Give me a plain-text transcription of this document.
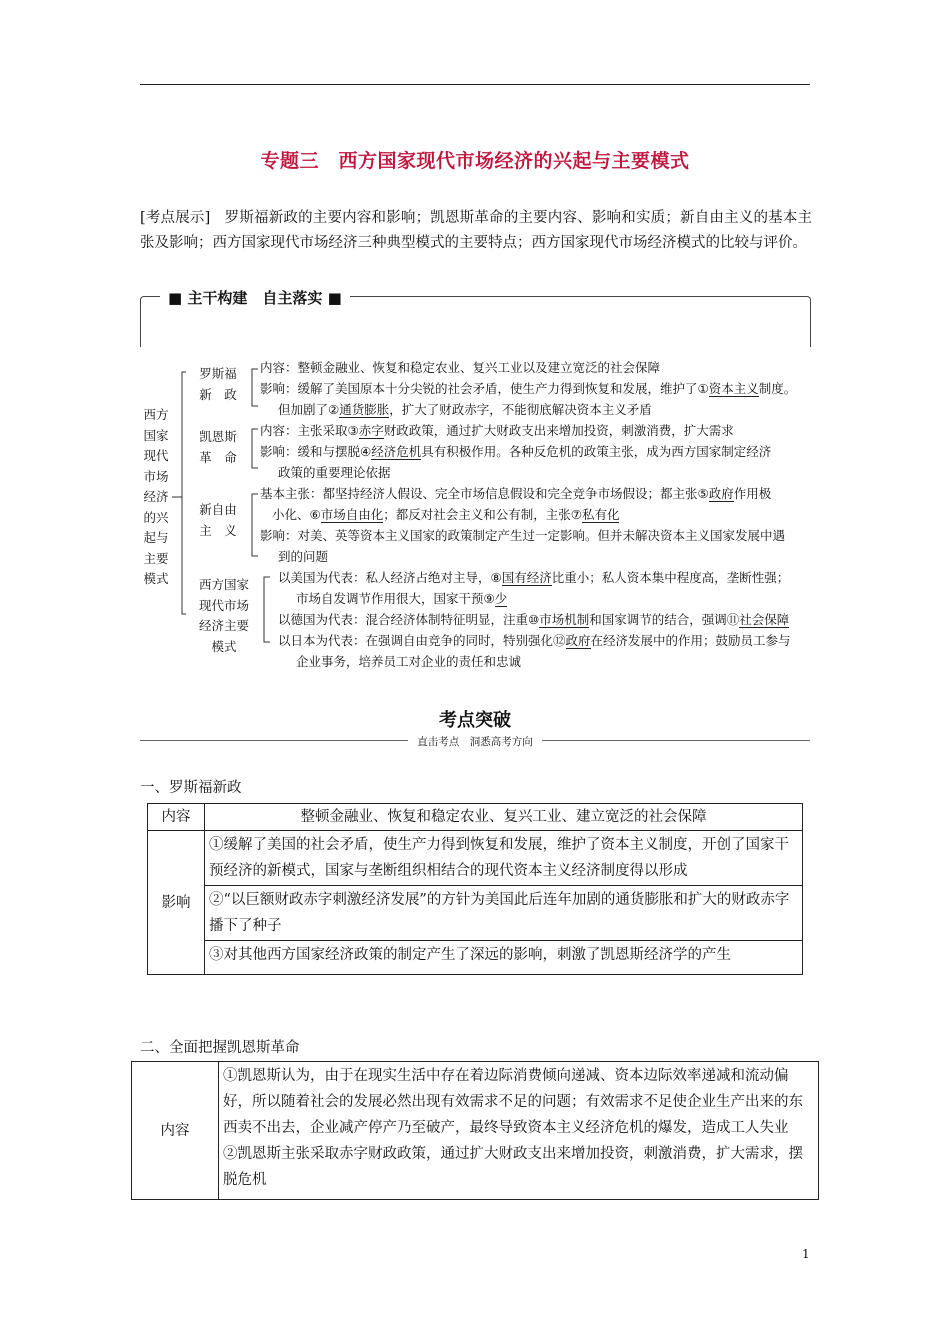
专题三　西方国家现代市场经济的兴起与主要模式
[考点展示] 罗斯福新政的主要内容和影响；凯恩斯革命的主要内容、影响和实质；新自由主义的基本主张及影响；西方国家现代市场经济三种典型模式的主要特点；西方国家现代市场经济模式的比较与评价。
■ 主干构建　自主落实 ■
西方
国家
现代
市场
经济
的兴
起与
主要
模式
罗斯福
新　政
内容：整顿金融业、恢复和稳定农业、复兴工业以及建立宽泛的社会保障
影响：缓解了美国原本十分尖锐的社会矛盾，使生产力得到恢复和发展，维护了①资本主义制度。
但加剧了②通货膨胀，扩大了财政赤字，不能彻底解决资本主义矛盾
凯恩斯
革　命
内容：主张采取③赤字财政政策，通过扩大财政支出来增加投资，刺激消费，扩大需求
影响：缓和与摆脱④经济危机具有积极作用。各种反危机的政策主张，成为西方国家制定经济
政策的重要理论依据
新自由
主　义
基本主张：都坚持经济人假设、完全市场信息假设和完全竞争市场假设；都主张⑤政府作用极
小化、⑥市场自由化；都反对社会主义和公有制，主张⑦私有化
影响：对美、英等资本主义国家的政策制定产生过一定影响。但并未解决资本主义国家发展中遇
到的问题
西方国家
现代市场
经济主要
模式
以美国为代表：私人经济占绝对主导，⑧国有经济比重小；私人资本集中程度高，垄断性强；
市场自发调节作用很大，国家干预⑨少
以德国为代表：混合经济体制特征明显，注重⑩市场机制和国家调节的结合，强调⑪社会保障
以日本为代表：在强调自由竞争的同时，特别强化⑫政府在经济发展中的作用；鼓励员工参与
企业事务，培养员工对企业的责任和忠诚
考点突破
直击考点　洞悉高考方向
一、罗斯福新政
内容	整顿金融业、恢复和稳定农业、复兴工业、建立宽泛的社会保障
影响	①缓解了美国的社会矛盾，使生产力得到恢复和发展，维护了资本主义制度，开创了国家干预经济的新模式，国家与垄断组织相结合的现代资本主义经济制度得以形成
	②“以巨额财政赤字刺激经济发展”的方针为美国此后连年加剧的通货膨胀和扩大的财政赤字播下了种子
	③对其他西方国家经济政策的制定产生了深远的影响，刺激了凯恩斯经济学的产生
二、全面把握凯恩斯革命
内容	
①凯恩斯认为，由于在现实生活中存在着边际消费倾向递减、资本边际效率递减和流动偏好，所以随着社会的发展必然出现有效需求不足的问题；有效需求不足使企业生产出来的东西卖不出去，企业减产停产乃至破产，最终导致资本主义经济危机的爆发，造成工人失业
②凯恩斯主张采取赤字财政政策，通过扩大财政支出来增加投资，刺激消费，扩大需求，摆脱危机
1
